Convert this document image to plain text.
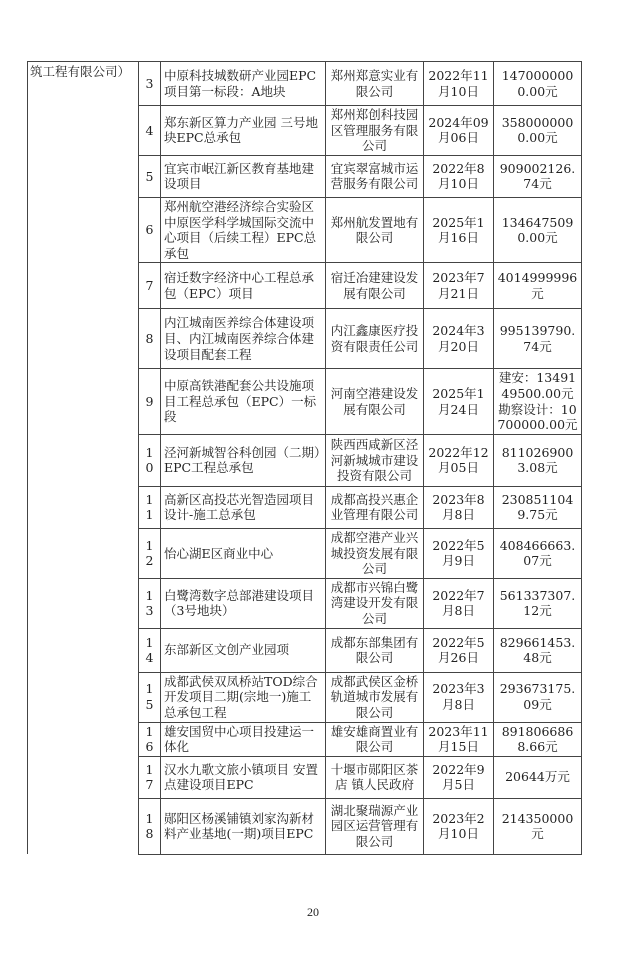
筑工程有限公司）	3	中原科技城数研产业园EPC项目第一标段：A地块	郑州郑意实业有限公司	2022年11月10日	1470000000.00元
	4	郑东新区算力产业园 三号地块EPC总承包	郑州郑创科技园区管理服务有限公司	2024年09月06日	3580000000.00元
	5	宜宾市岷江新区教育基地建设项目	宜宾翠富城市运营服务有限公司	2022年8月10日	909002126.74元
	6	郑州航空港经济综合实验区中原医学科学城国际交流中心项目（后续工程）EPC总承包	郑州航发置地有限公司	2025年1月16日	1346475090.00元
	7	宿迁数字经济中心工程总承包（EPC）项目	宿迁冶建建设发展有限公司	2023年7月21日	4014999996元
	8	内江城南医养综合体建设项目、内江城南医养综合体建设项目配套工程	内江鑫康医疗投资有限责任公司	2024年3月20日	995139790.74元
	9	中原高铁港配套公共设施项目工程总承包（EPC）一标段	河南空港建设发展有限公司	2025年1月24日	建安：1349149500.00元勘察设计：10700000.00元
	10	泾河新城智谷科创园（二期）EPC工程总承包	陕西西咸新区泾河新城城市建设投资有限公司	2022年12月05日	8110269003.08元
	11	高新区高投芯光智造园项目设计-施工总承包	成都高投兴惠企业管理有限公司	2023年8月8日	2308511049.75元
	12	怡心湖E区商业中心	成都空港产业兴城投资发展有限公司	2022年5月9日	408466663.07元
	13	白鹭湾数字总部港建设项目（3号地块）	成都市兴锦白鹭湾建设开发有限公司	2022年7月8日	561337307.12元
	14	东部新区文创产业园项	成都东部集团有限公司	2022年5月26日	829661453.48元
	15	成都武侯双凤桥站TOD综合开发项目二期(宗地一)施工总承包工程	成都武侯区金桥轨道城市发展有限公司	2023年3月8日	293673175.09元
	16	雄安国贸中心项目投建运一体化	雄安雄商置业有限公司	2023年11月15日	8918066868.66元
	17	汉水九歌文旅小镇项目 安置点建设项目EPC	十堰市郧阳区茶店 镇人民政府	2022年9月5日	20644万元
	18	郧阳区杨溪铺镇刘家沟新材料产业基地(一期)项目EPC	湖北聚瑞源产业园区运营管理有限公司	2023年2月10日	214350000元
20
